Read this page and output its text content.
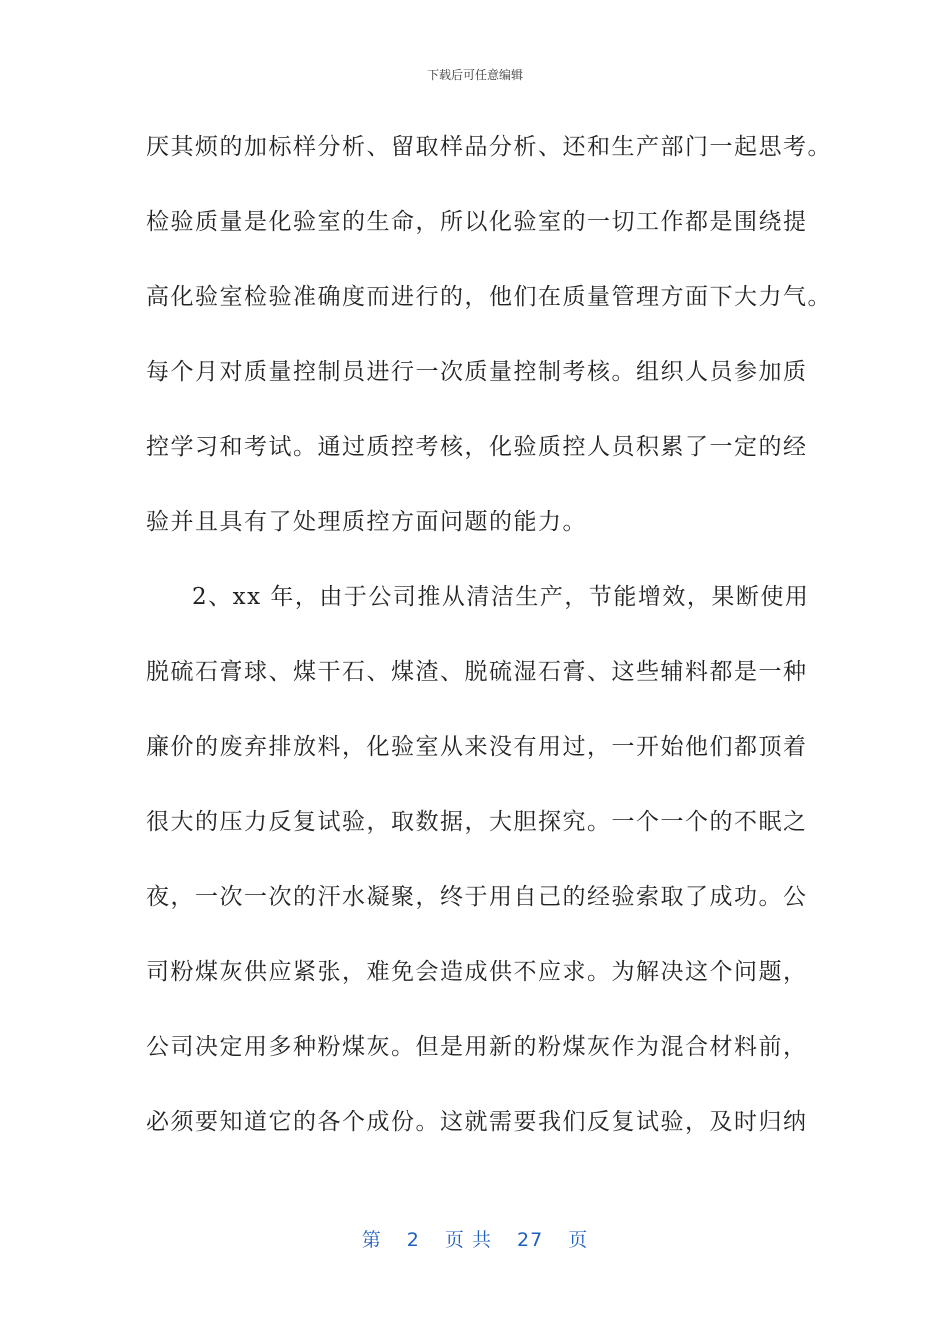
下载后可任意编辑
厌其烦的加标样分析、留取样品分析、还和生产部门一起思考。
检验质量是化验室的生命，所以化验室的一切工作都是围绕提
高化验室检验准确度而进行的，他们在质量管理方面下大力气。
每个月对质量控制员进行一次质量控制考核。组织人员参加质
控学习和考试。通过质控考核，化验质控人员积累了一定的经
验并且具有了处理质控方面问题的能力。
2、xx 年，由于公司推从清洁生产，节能增效，果断使用
脱硫石膏球、煤干石、煤渣、脱硫湿石膏、这些辅料都是一种
廉价的废弃排放料，化验室从来没有用过，一开始他们都顶着
很大的压力反复试验，取数据，大胆探究。一个一个的不眠之
夜，一次一次的汗水凝聚，终于用自己的经验索取了成功。公
司粉煤灰供应紧张，难免会造成供不应求。为解决这个问题，
公司决定用多种粉煤灰。但是用新的粉煤灰作为混合材料前，
必须要知道它的各个成份。这就需要我们反复试验，及时归纳
第 2 页 共 27 页
